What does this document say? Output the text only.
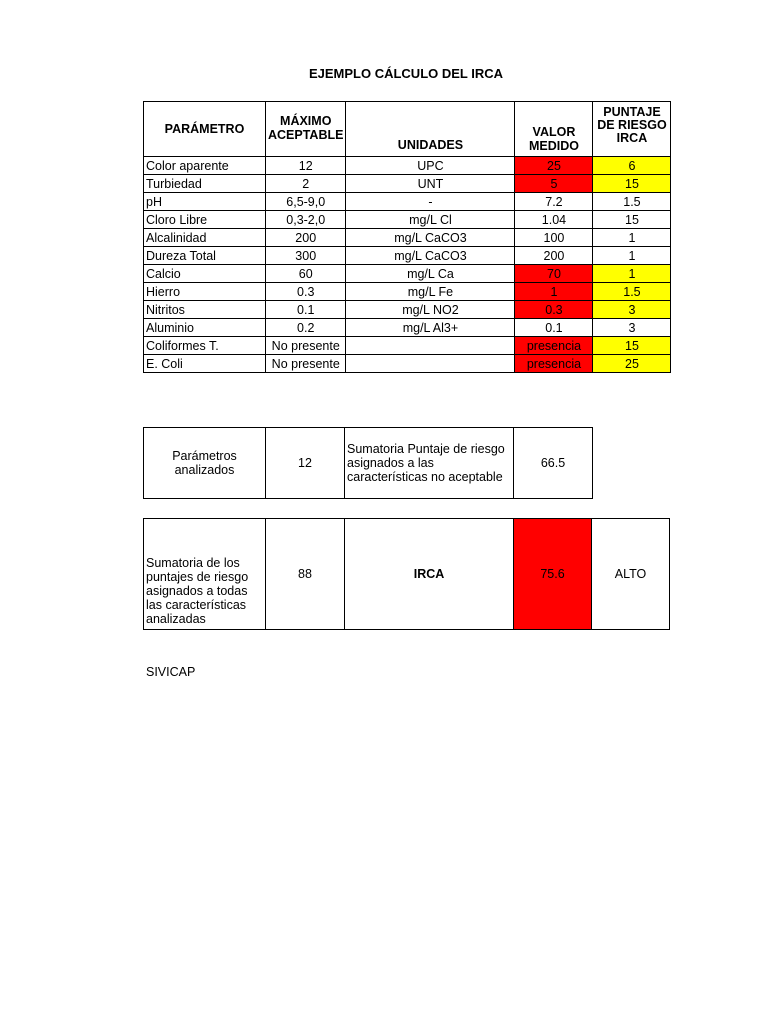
EJEMPLO CÁLCULO DEL IRCA
PARÁMETRO	MÁXIMO ACEPTABLE	UNIDADES	VALOR MEDIDO	PUNTAJE DE RIESGO IRCA
Color aparente	12	UPC	25	6
Turbiedad	2	UNT	5	15
pH	6,5-9,0	-	7.2	1.5
Cloro Libre	0,3-2,0	mg/L Cl	1.04	15
Alcalinidad	200	mg/L CaCO3	100	1
Dureza Total	300	mg/L CaCO3	200	1
Calcio	60	mg/L Ca	70	1
Hierro	0.3	mg/L Fe	1	1.5
Nitritos	0.1	mg/L NO2	0.3	3
Aluminio	0.2	mg/L Al3+	0.1	3
Coliformes T.	No presente		presencia	15
E. Coli	No presente		presencia	25
Parámetros analizados	12	Sumatoria Puntaje de riesgo asignados a las características no aceptable	66.5
Sumatoria de los puntajes de riesgo asignados a todas las características analizadas	88	IRCA	75.6	ALTO
SIVICAP
